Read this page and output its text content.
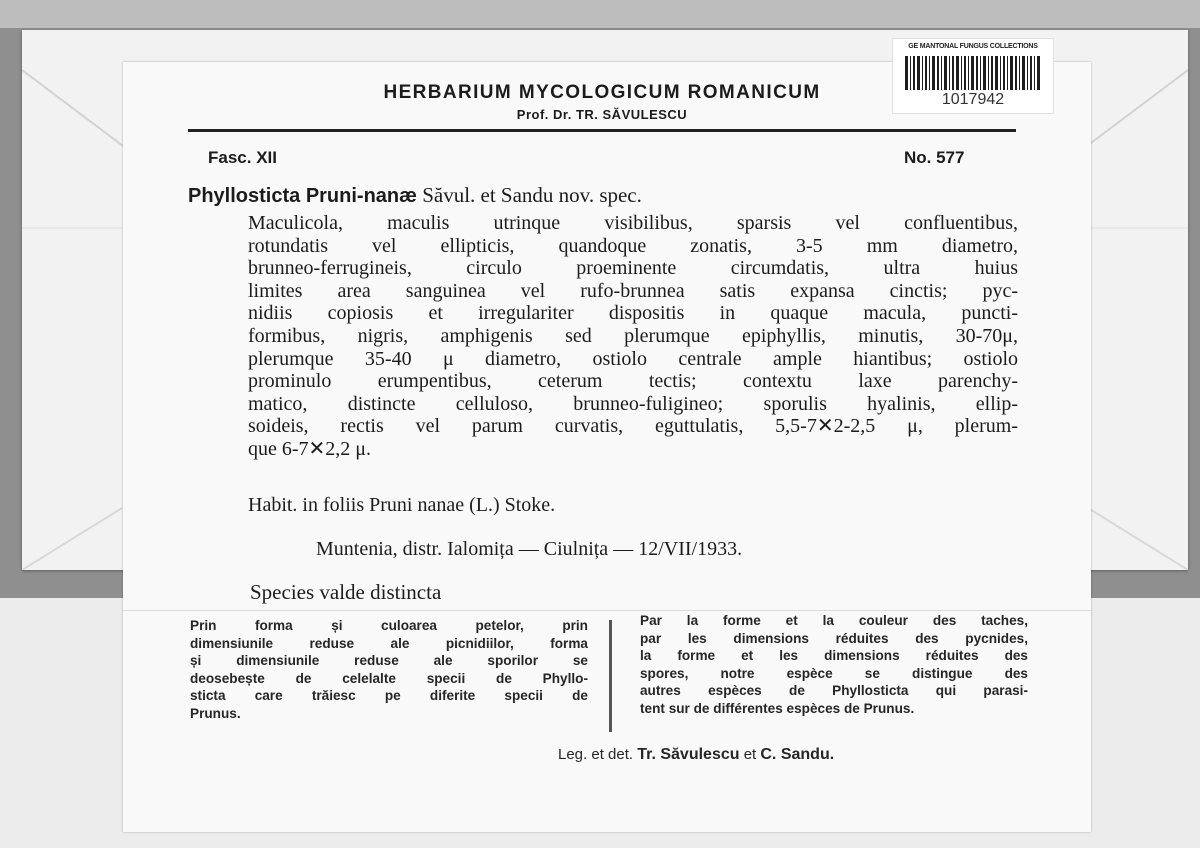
GE MANTONAL FUNGUS COLLECTIONS
1017942
HERBARIUM MYCOLOGICUM ROMANICUM
Prof. Dr. TR. SĂVULESCU
Fasc. XII	No. 577
Phyllosticta Pruni-nanæ Săvul. et Sandu nov. spec.
Maculicola, maculis utrinque visibilibus, sparsis vel confluentibus,
rotundatis vel ellipticis, quandoque zonatis, 3-5 mm diametro,
brunneo-ferrugineis, circulo proeminente circumdatis, ultra huius
limites area sanguinea vel rufo-brunnea satis expansa cinctis; pyc-
nidiis copiosis et irregulariter dispositis in quaque macula, puncti-
formibus, nigris, amphigenis sed plerumque epiphyllis, minutis, 30-70μ,
plerumque 35-40 μ diametro, ostiolo centrale ample hiantibus; ostiolo
prominulo erumpentibus, ceterum tectis; contextu laxe parenchy-
matico, distincte celluloso, brunneo-fuligineo; sporulis hyalinis, ellip-
soideis, rectis vel parum curvatis, eguttulatis, 5,5-7✕2-2,5 μ, plerum-
que 6-7✕2,2 μ.
Habit. in foliis Pruni nanae (L.) Stoke.
Muntenia, distr. Ialomița — Ciulnița — 12/VII/1933.
Species valde distincta
Prin forma și culoarea petelor, prin
dimensiunile reduse ale picnidiilor, forma
și dimensiunile reduse ale sporilor se
deosebește de celelalte specii de Phyllo-
sticta care trăiesc pe diferite specii de
Prunus.
Par la forme et la couleur des taches,
par les dimensions réduites des pycnides,
la forme et les dimensions réduites des
spores, notre espèce se distingue des
autres espèces de Phyllosticta qui parasi-
tent sur de différentes espèces de Prunus.
Leg. et det. Tr. Săvulescu et C. Sandu.
